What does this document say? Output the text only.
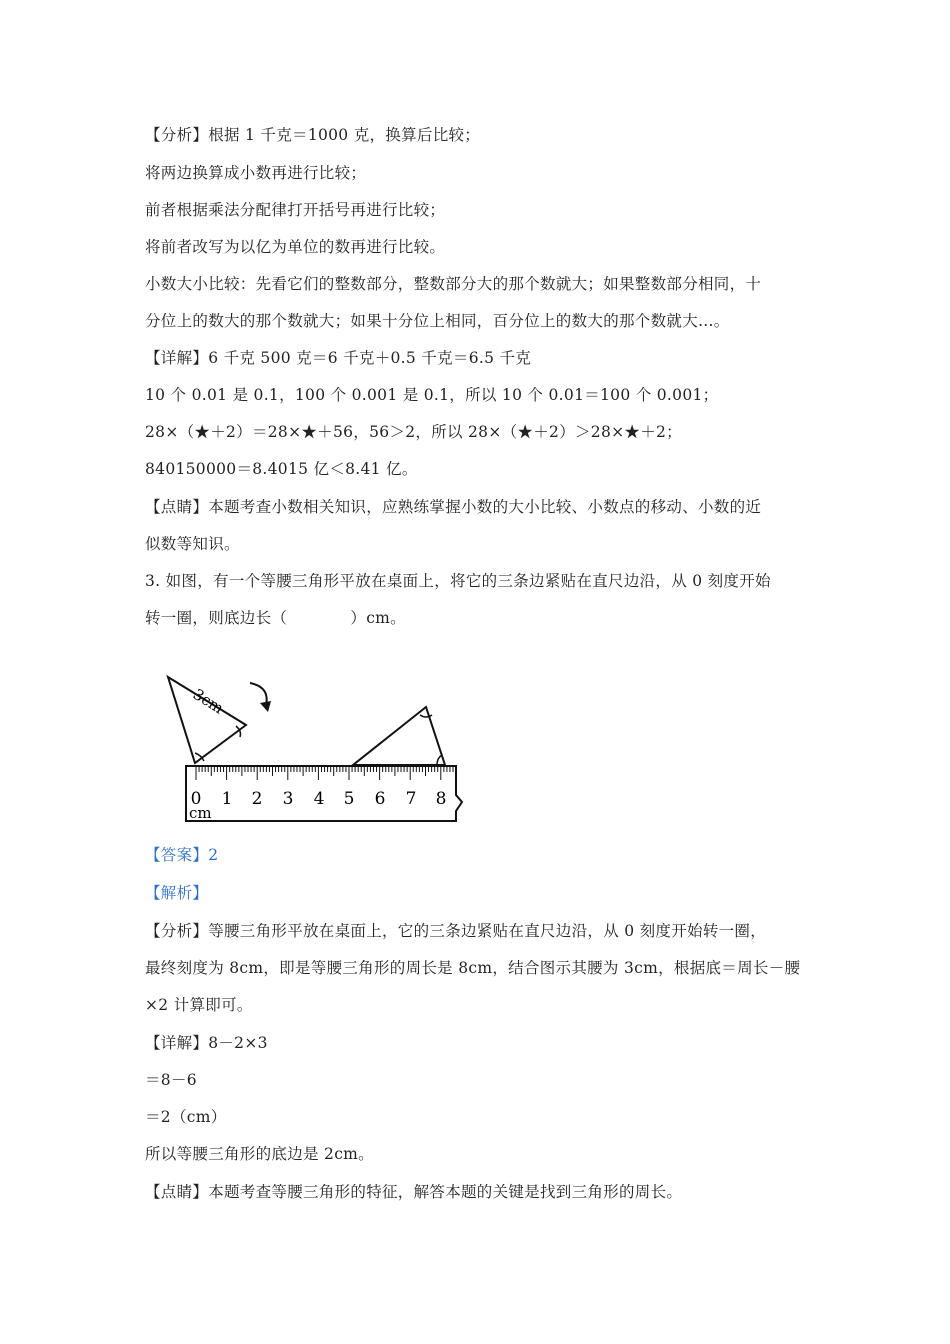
【分析】根据 1 千克＝1000 克，换算后比较；
将两边换算成小数再进行比较；
前者根据乘法分配律打开括号再进行比较；
将前者改写为以亿为单位的数再进行比较。
小数大小比较：先看它们的整数部分，整数部分大的那个数就大；如果整数部分相同，十
分位上的数大的那个数就大；如果十分位上相同，百分位上的数大的那个数就大…。
【详解】6 千克 500 克＝6 千克＋0.5 千克＝6.5 千克
10 个 0.01 是 0.1，100 个 0.001 是 0.1，所以 10 个 0.01＝100 个 0.001；
28×（★＋2）＝28×★＋56，56＞2，所以 28×（★＋2）＞28×★＋2；
840150000＝8.4015 亿＜8.41 亿。
【点睛】本题考查小数相关知识，应熟练掌握小数的大小比较、小数点的移动、小数的近
似数等知识。
3. 如图，有一个等腰三角形平放在桌面上，将它的三条边紧贴在直尺边沿，从 0 刻度开始
转一圈，则底边长（　　　　）cm。
3cm
0 1 2 3 4 5 6 7 8
cm
【答案】2
【解析】
【分析】等腰三角形平放在桌面上，它的三条边紧贴在直尺边沿，从 0 刻度开始转一圈，
最终刻度为 8cm，即是等腰三角形的周长是 8cm，结合图示其腰为 3cm，根据底＝周长－腰
×2 计算即可。
【详解】8－2×3
＝8－6
＝2（cm）
所以等腰三角形的底边是 2cm。
【点睛】本题考查等腰三角形的特征，解答本题的关键是找到三角形的周长。
